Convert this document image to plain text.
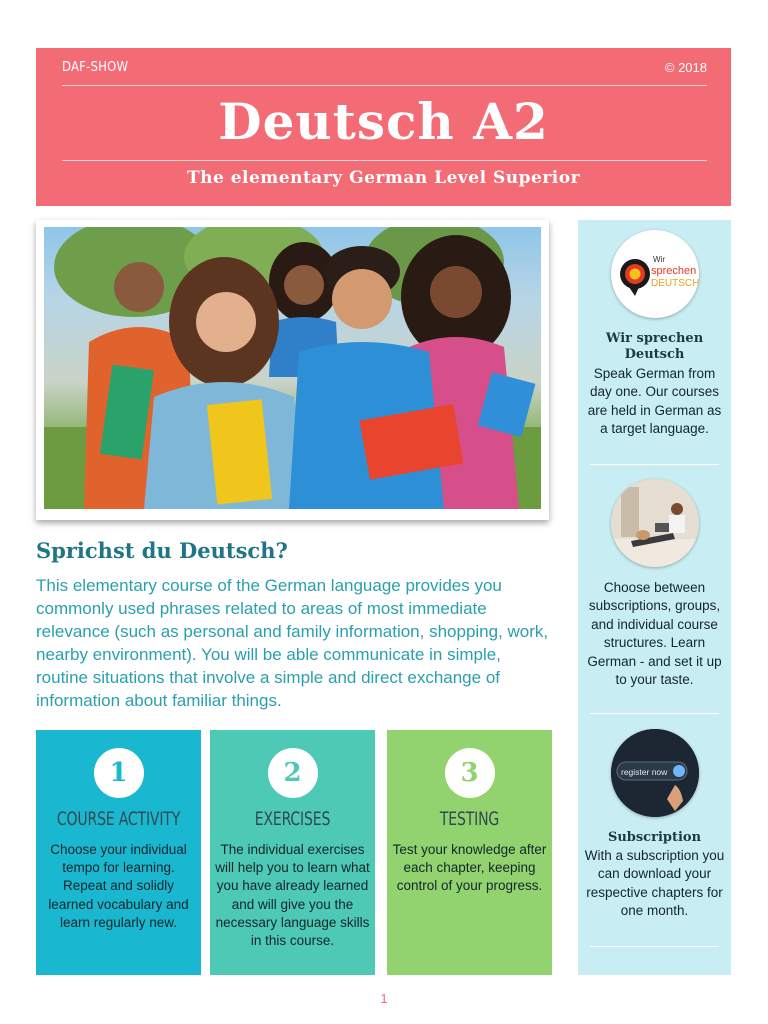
DAF-SHOW	© 2018
Deutsch A2
The elementary German Level Superior
Sprichst du Deutsch?
This elementary course of the German language provides you commonly used phrases related to areas of most immediate relevance (such as personal and family information, shopping, work, nearby environment). You will be able communicate in simple, routine situations that involve a simple and direct exchange of information about familiar things.
1
COURSE ACTIVITY
Choose your individual tempo for learning. Repeat and solidly learned vocabulary and learn regularly new.
2
EXERCISES
The individual exercises will help you to learn what you have already learned and will give you the necessary language skills in this course.
3
TESTING
Test your knowledge after each chapter, keeping control of your progress.
Wir
sprechen
DEUTSCH
Wir sprechen Deutsch
Speak German from day one. Our courses are held in German as a target language.
Choose between subscriptions, groups, and individual course structures. Learn German - and set it up to your taste.
register now
Subscription
With a subscription you can download your respective chapters for one month.
1
